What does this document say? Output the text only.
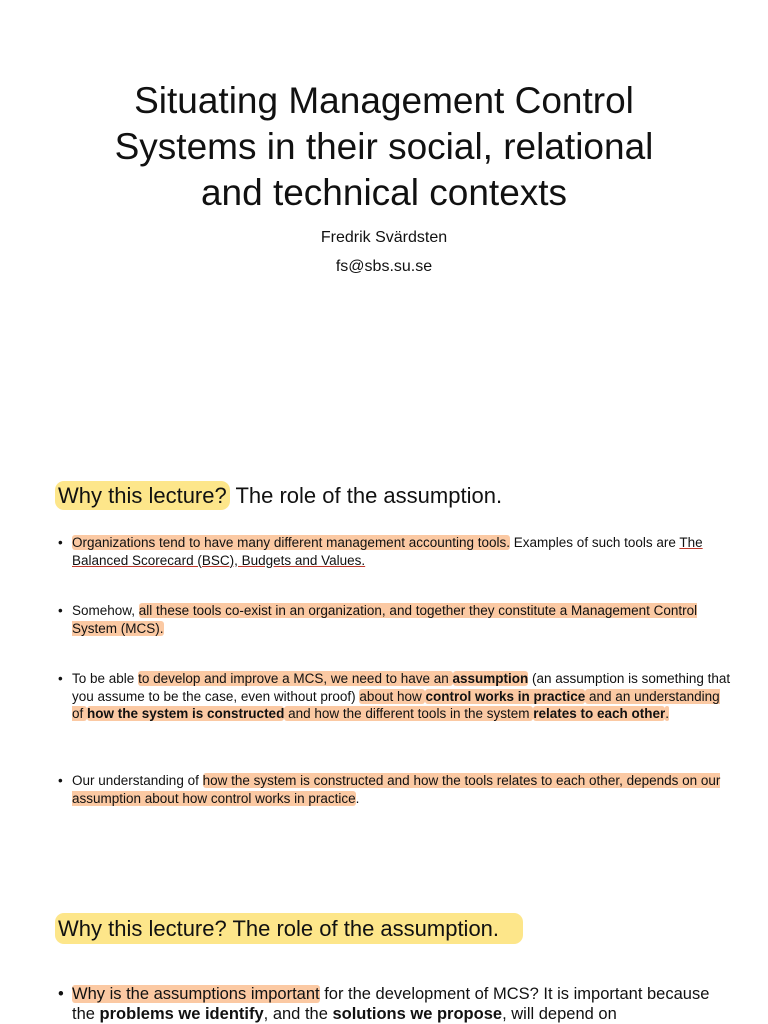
Situating Management Control
Systems in their social, relational
and technical contexts
Fredrik Svärdsten
fs@sbs.su.se
Why this lecture? The role of the assumption.
• Organizations tend to have many different management accounting tools. Examples of such tools are The Balanced Scorecard (BSC), Budgets and Values.
• Somehow, all these tools co-exist in an organization, and together they constitute a Management Control System (MCS).
• To be able to develop and improve a MCS, we need to have an assumption (an assumption is something that you assume to be the case, even without proof) about how control works in practice and an understanding of how the system is constructed and how the different tools in the system relates to each other.
• Our understanding of how the system is constructed and how the tools relates to each other, depends on our assumption about how control works in practice.
Why this lecture? The role of the assumption.
• Why is the assumptions important for the development of MCS? It is important because the problems we identify, and the solutions we propose, will depend on
